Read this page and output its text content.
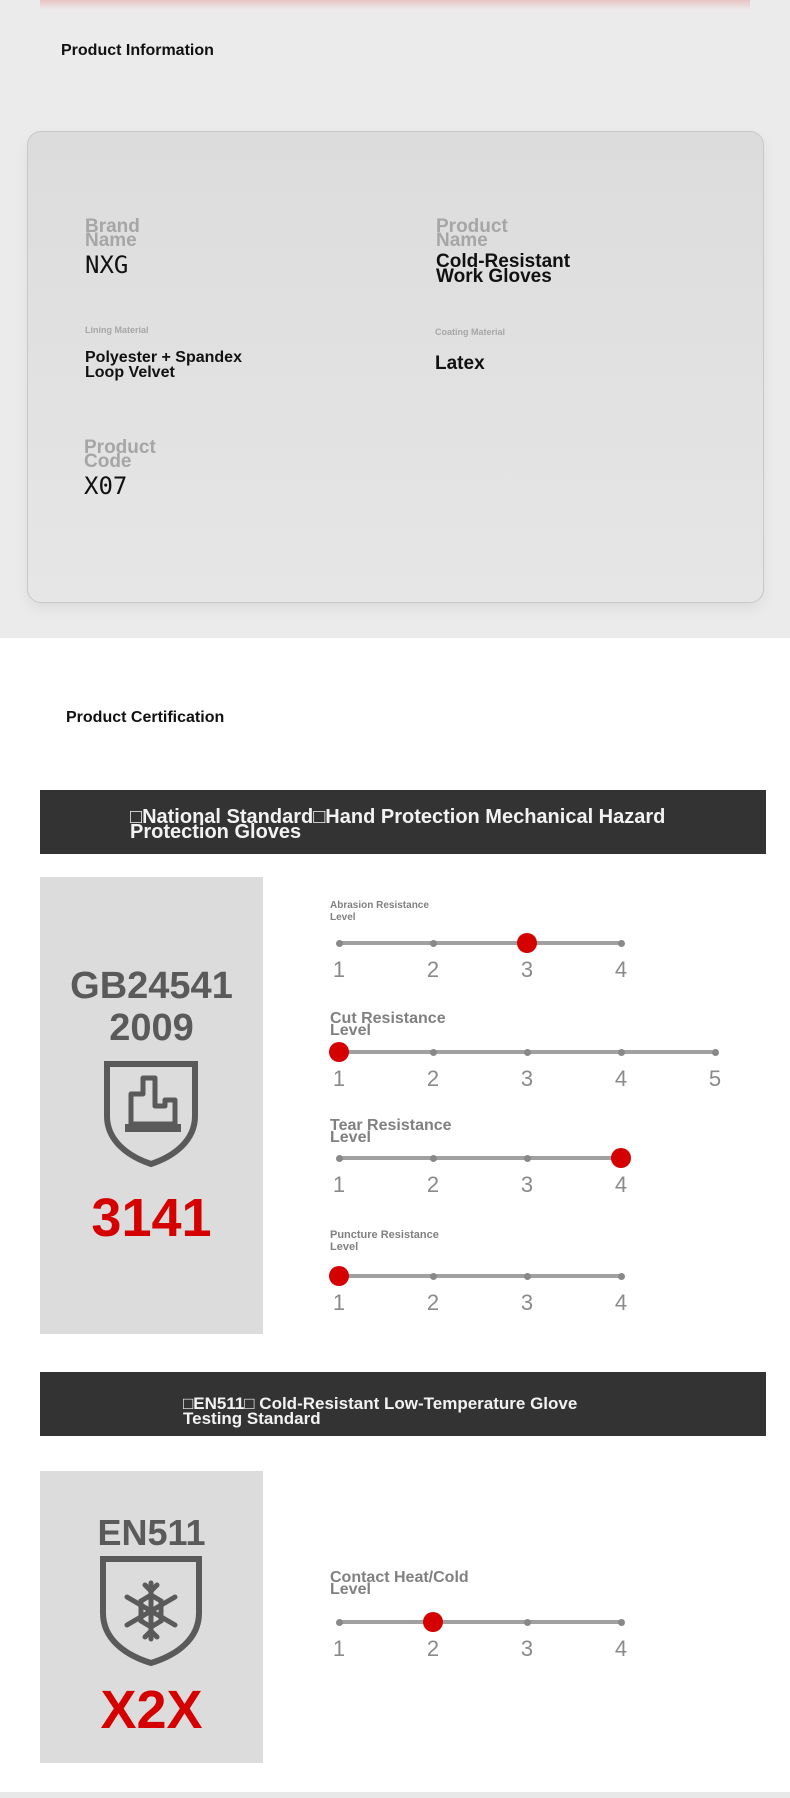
Product Information
Brand Name
NXG
Product Name
Cold-Resistant Work Gloves
Lining Material
Polyester + Spandex Loop Velvet
Coating Material
Latex
Product Code
X07
Product Certification
□National Standard□Hand Protection Mechanical Hazard Protection Gloves
GB24541
2009
3141
Abrasion Resistance Level
1	2	3	4
Cut Resistance Level
1	2	3	4	5
Tear Resistance Level
1	2	3	4
Puncture Resistance Level
1	2	3	4
□EN511□ Cold-Resistant Low-Temperature Glove Testing Standard
EN511
X2X
Contact Heat/Cold Level
1	2	3	4
